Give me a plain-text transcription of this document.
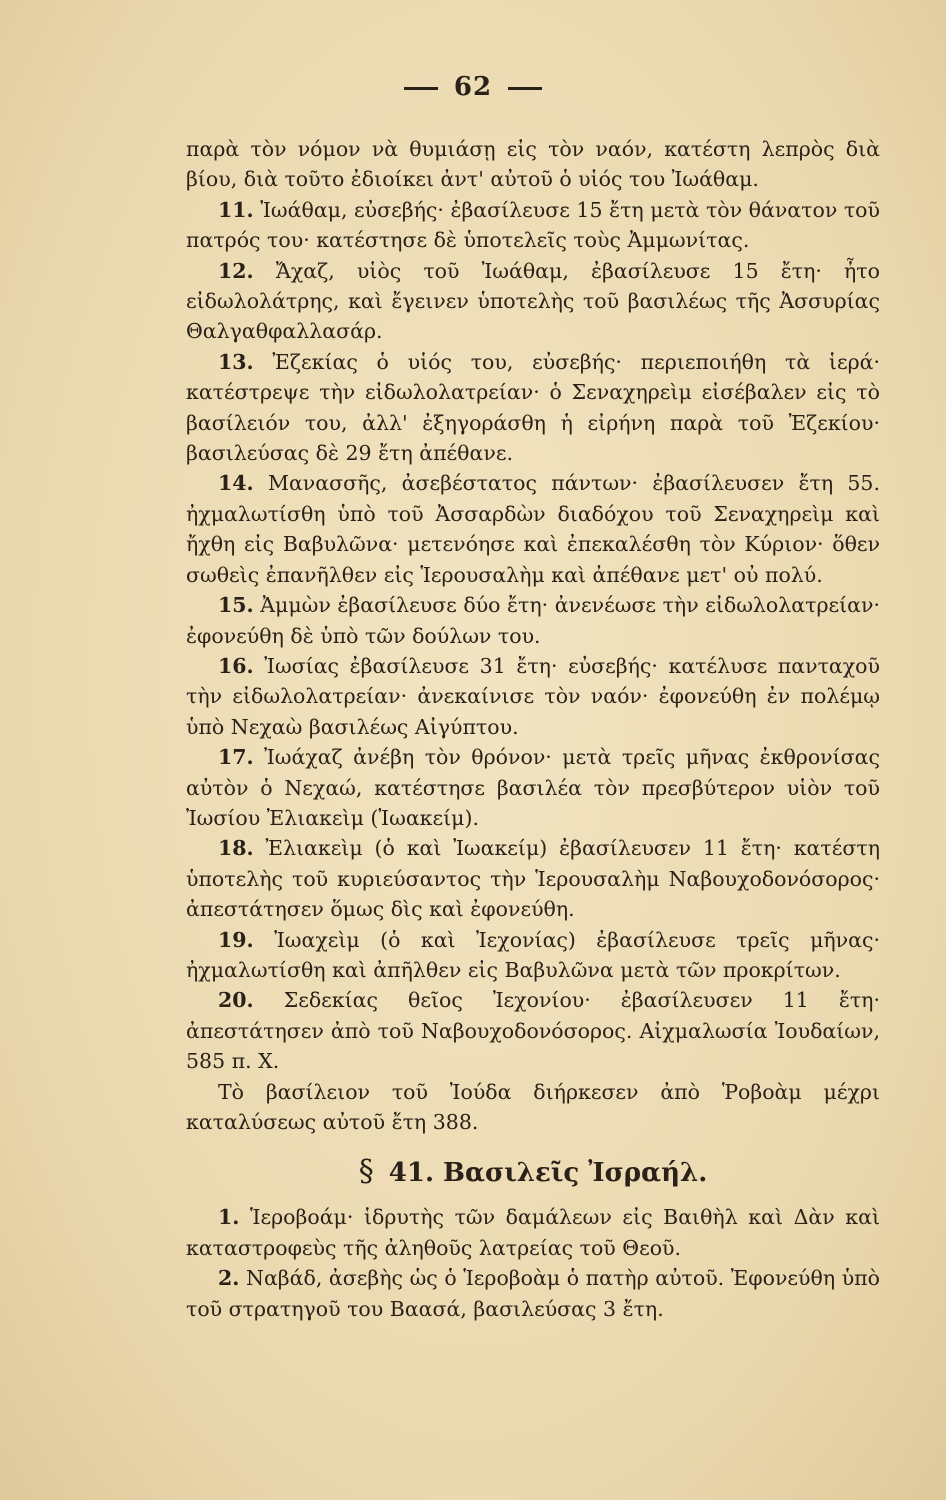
62

παρὰ τὸν νόμον νὰ θυμιάσῃ εἰς τὸν ναόν, κατέστη λεπρὸς διὰ βίου, διὰ τοῦτο ἐδιοίκει ἀντ' αὐτοῦ ὁ υἱός του Ἰωάθαμ.

11. Ἰωάθαμ, εὐσεβής· ἐβασίλευσε 15 ἔτη μετὰ τὸν θάνατον τοῦ πατρός του· κατέστησε δὲ ὑποτελεῖς τοὺς Ἀμμωνίτας.

12. Ἄχαζ, υἱὸς τοῦ Ἰωάθαμ, ἐβασίλευσε 15 ἔτη· ἦτο εἰδωλολάτρης, καὶ ἔγεινεν ὑποτελὴς τοῦ βασιλέως τῆς Ἀσσυρίας Θαλγαθφαλλασάρ.

13. Ἐζεκίας ὁ υἱός του, εὐσεβής· περιεποιήθη τὰ ἱερά· κατέστρεψε τὴν εἰδωλολατρείαν· ὁ Σεναχηρεὶμ εἰσέβαλεν εἰς τὸ βασίλειόν του, ἀλλ' ἐξηγοράσθη ἡ εἰρήνη παρὰ τοῦ Ἐζεκίου· βασιλεύσας δὲ 29 ἔτη ἀπέθανε.

14. Μανασσῆς, ἀσεβέστατος πάντων· ἐβασίλευσεν ἔτη 55. ἠχμαλωτίσθη ὑπὸ τοῦ Ἀσσαρδὼν διαδόχου τοῦ Σεναχηρεὶμ καὶ ἤχθη εἰς Βαβυλῶνα· μετενόησε καὶ ἐπεκαλέσθη τὸν Κύριον· ὅθεν σωθεὶς ἐπανῆλθεν εἰς Ἱερουσαλὴμ καὶ ἀπέθανε μετ' οὐ πολύ.

15. Ἀμμὼν ἐβασίλευσε δύο ἔτη· ἀνενέωσε τὴν εἰδωλολατρείαν· ἐφονεύθη δὲ ὑπὸ τῶν δούλων του.

16. Ἰωσίας ἐβασίλευσε 31 ἔτη· εὐσεβής· κατέλυσε πανταχοῦ τὴν εἰδωλολατρείαν· ἀνεκαίνισε τὸν ναόν· ἐφονεύθη ἐν πολέμῳ ὑπὸ Νεχαὼ βασιλέως Αἰγύπτου.

17. Ἰωάχαζ ἀνέβη τὸν θρόνον· μετὰ τρεῖς μῆνας ἐκθρονίσας αὐτὸν ὁ Νεχαώ, κατέστησε βασιλέα τὸν πρεσβύτερον υἱὸν τοῦ Ἰωσίου Ἐλιακεὶμ (Ἰωακείμ).

18. Ἐλιακεὶμ (ὁ καὶ Ἰωακείμ) ἐβασίλευσεν 11 ἔτη· κατέστη ὑποτελὴς τοῦ κυριεύσαντος τὴν Ἱερουσαλὴμ Ναβουχοδονόσορος· ἀπεστάτησεν ὅμως δὶς καὶ ἐφονεύθη.

19. Ἰωαχεὶμ (ὁ καὶ Ἰεχονίας) ἐβασίλευσε τρεῖς μῆνας· ἠχμαλωτίσθη καὶ ἀπῆλθεν εἰς Βαβυλῶνα μετὰ τῶν προκρίτων.

20. Σεδεκίας θεῖος Ἰεχονίου· ἐβασίλευσεν 11 ἔτη· ἀπεστάτησεν ἀπὸ τοῦ Ναβουχοδονόσορος. Αἰχμαλωσία Ἰουδαίων, 585 π. Χ.

Τὸ βασίλειον τοῦ Ἰούδα διήρκεσεν ἀπὸ Ῥοβοὰμ μέχρι καταλύσεως αὐτοῦ ἔτη 388.

§ 41. Βασιλεῖς Ἰσραήλ.

1. Ἱεροβοάμ· ἱδρυτὴς τῶν δαμάλεων εἰς Βαιθὴλ καὶ Δὰν καὶ καταστροφεὺς τῆς ἀληθοῦς λατρείας τοῦ Θεοῦ.

2. Ναβάδ, ἀσεβὴς ὡς ὁ Ἱεροβοὰμ ὁ πατὴρ αὐτοῦ. Ἐφονεύθη ὑπὸ τοῦ στρατηγοῦ του Βαασά, βασιλεύσας 3 ἔτη.
